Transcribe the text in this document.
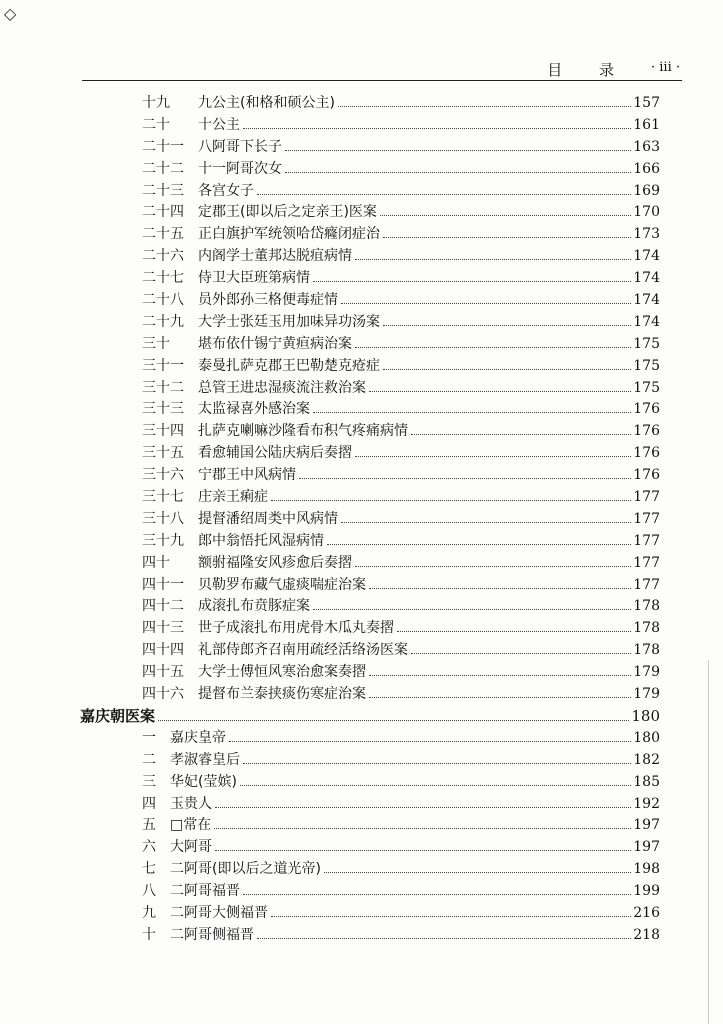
◇
目 录 · iii ·
十九	九公主(和格和硕公主)	157
二十	十公主	161
二十一	八阿哥下长子	163
二十二	十一阿哥次女	166
二十三	各宫女子	169
二十四	定郡王(即以后之定亲王)医案	170
二十五	正白旗护军统领哈岱癃闭症治	173
二十六	内阁学士董邦达脱疽病情	174
二十七	侍卫大臣班第病情	174
二十八	员外郎孙三格便毒症情	174
二十九	大学士张廷玉用加味异功汤案	174
三十	堪布依什锡宁黄疸病治案	175
三十一	泰曼扎萨克郡王巴勒楚克疮症	175
三十二	总管王进忠湿痰流注救治案	175
三十三	太监禄喜外感治案	176
三十四	扎萨克喇嘛沙隆看布积气疼痛病情	176
三十五	看愈辅国公陆庆病后奏摺	176
三十六	宁郡王中风病情	176
三十七	庄亲王痢症	177
三十八	提督潘绍周类中风病情	177
三十九	郎中翁悟托风湿病情	177
四十	额驸福隆安风疹愈后奏摺	177
四十一	贝勒罗布藏气虚痰喘症治案	177
四十二	成滚扎布贲豚症案	178
四十三	世子成滚扎布用虎骨木瓜丸奏摺	178
四十四	礼部侍郎齐召南用疏经活络汤医案	178
四十五	大学士傅恒风寒治愈案奏摺	179
四十六	提督布兰泰挟痰伤寒症治案	179
嘉庆朝医案	180
一	嘉庆皇帝	180
二	孝淑睿皇后	182
三	华妃(莹嫔)	185
四	玉贵人	192
五	□常在	197
六	大阿哥	197
七	二阿哥(即以后之道光帝)	198
八	二阿哥福晋	199
九	二阿哥大侧福晋	216
十	二阿哥侧福晋	218
